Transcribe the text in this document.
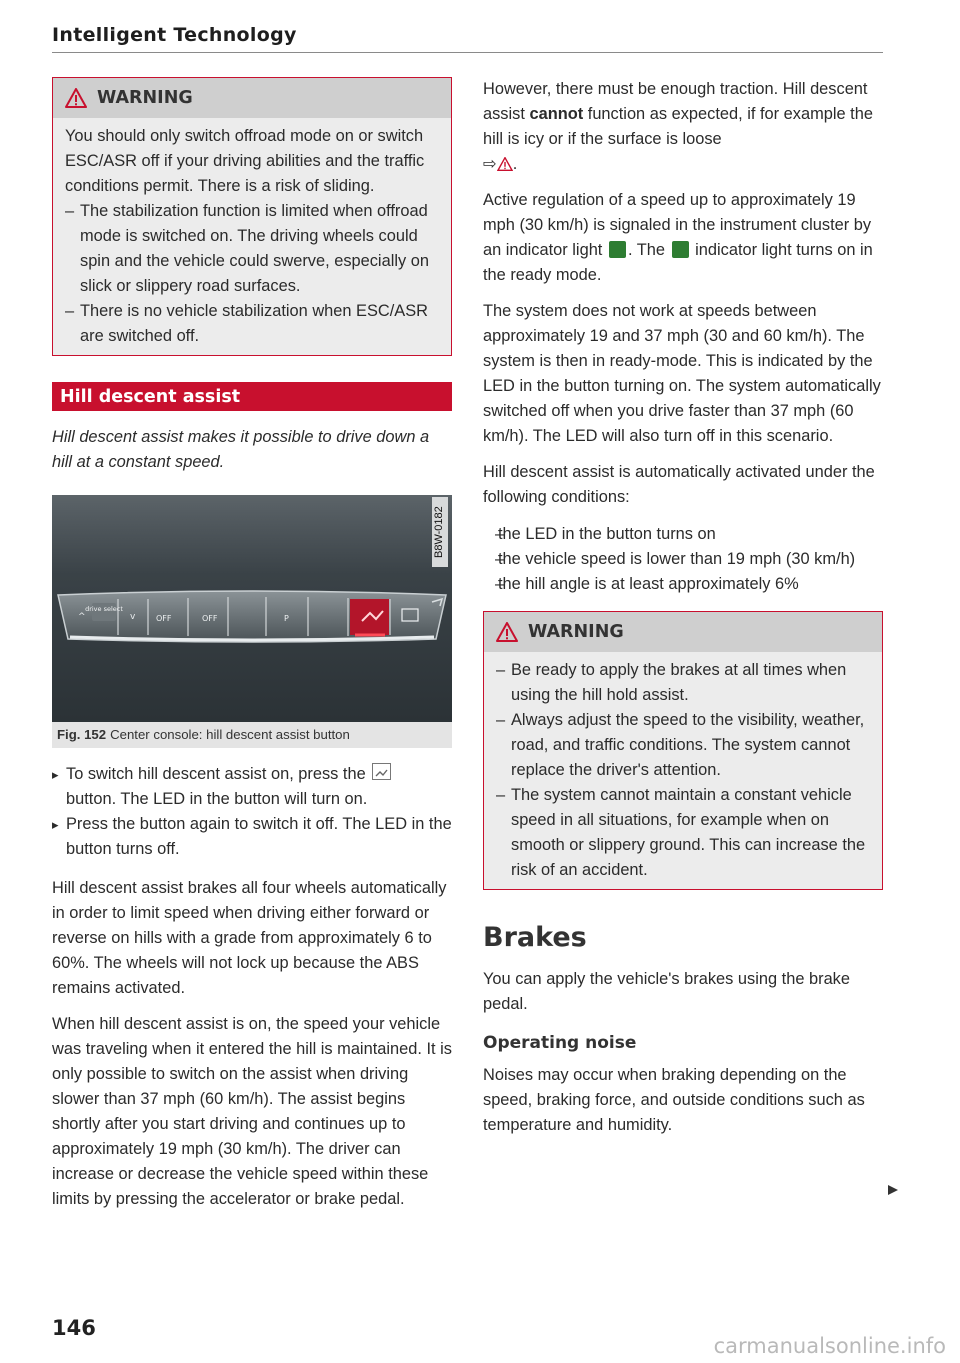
Intelligent Technology
WARNING

You should only switch offroad mode on or switch ESC/ASR off if your driving abilities and the traffic conditions permit. There is a risk of sliding.

– The stabilization function is limited when offroad mode is switched on. The driving wheels could spin and the vehicle could swerve, especially on slick or slippery road surfaces.
– There is no vehicle stabilization when ESC/ASR are switched off.
Hill descent assist

Hill descent assist makes it possible to drive down a hill at a constant speed.

^
drive select
v	OFF	OFF	P
B8W-0182
Fig. 152 Center console: hill descent assist button
▸ To switch hill descent assist on, press the
button. The LED in the button will turn on.
▸ Press the button again to switch it off. The LED in the button turns off.

Hill descent assist brakes all four wheels automatically in order to limit speed when driving either forward or reverse on hills with a grade from approximately 6 to 60%. The wheels will not lock up because the ABS remains activated.

When hill descent assist is on, the speed your vehicle was traveling when it entered the hill is maintained. It is only possible to switch on the assist when driving slower than 37 mph (60 km/h). The assist begins shortly after you start driving and continues up to approximately 19 mph (30 km/h). The driver can increase or decrease the vehicle speed within these limits by pressing the accelerator or brake pedal.

However, there must be enough traction. Hill descent assist cannot function as expected, if for example the hill is icy or if the surface is loose
⇨ .

Active regulation of a speed up to approximately 19 mph (30 km/h) is signaled in the instrument cluster by an indicator light . The indicator light turns on in the ready mode.

The system does not work at speeds between approximately 19 and 37 mph (30 and 60 km/h). The system is then in ready-mode. This is indicated by the LED in the button turning on. The system automatically switched off when you drive faster than 37 mph (60 km/h). The LED will also turn off in this scenario.

Hill descent assist is automatically activated under the following conditions:

– the LED in the button turns on
– the vehicle speed is lower than 19 mph (30 km/h)
– the hill angle is at least approximately 6%
WARNING
– Be ready to apply the brakes at all times when using the hill hold assist.
– Always adjust the speed to the visibility, weather, road, and traffic conditions. The system cannot replace the driver's attention.
– The system cannot maintain a constant vehicle speed in all situations, for example when on smooth or slippery ground. This can increase the risk of an accident.
Brakes

You can apply the vehicle's brakes using the brake pedal.

Operating noise

Noises may occur when braking depending on the speed, braking force, and outside conditions such as temperature and humidity.

146
carmanualsonline.info
